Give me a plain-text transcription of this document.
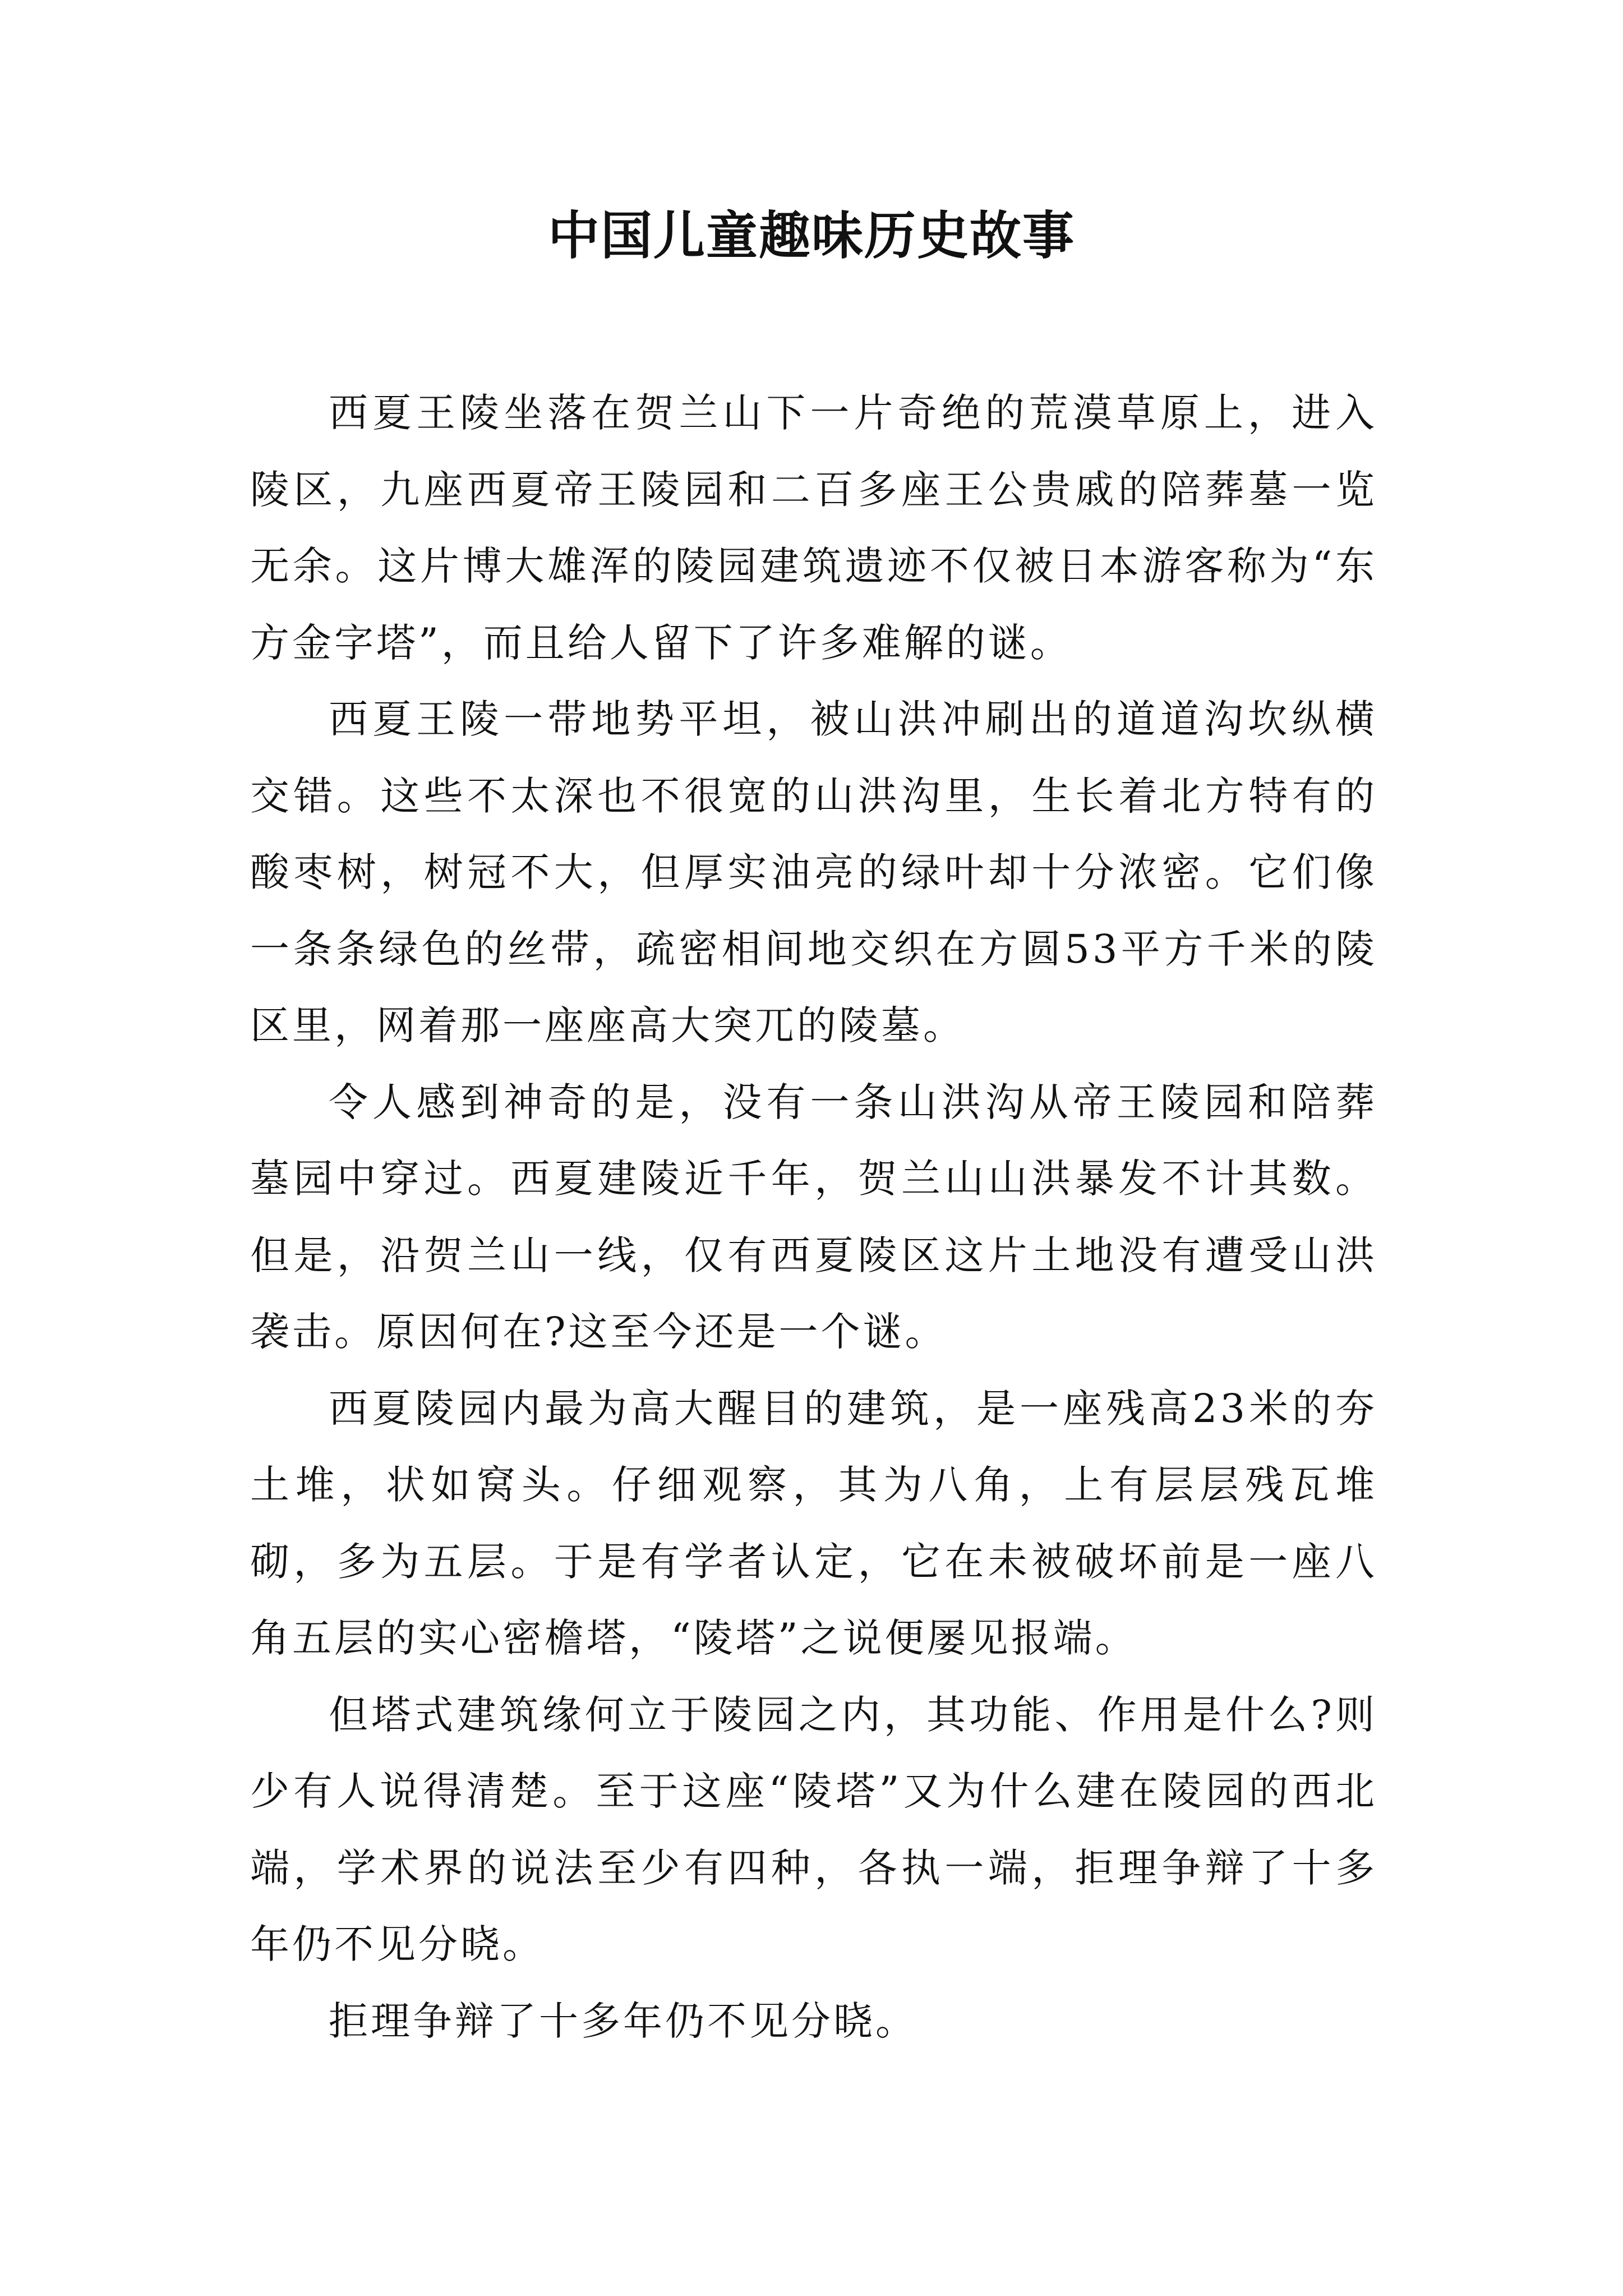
中国儿童趣味历史故事

西夏王陵坐落在贺兰山下一片奇绝的荒漠草原上，进入陵区，九座西夏帝王陵园和二百多座王公贵戚的陪葬墓一览无余。这片博大雄浑的陵园建筑遗迹不仅被日本游客称为“东方金字塔”，而且给人留下了许多难解的谜。

西夏王陵一带地势平坦，被山洪冲刷出的道道沟坎纵横交错。这些不太深也不很宽的山洪沟里，生长着北方特有的酸枣树，树冠不大，但厚实油亮的绿叶却十分浓密。它们像一条条绿色的丝带，疏密相间地交织在方圆53平方千米的陵区里，网着那一座座高大突兀的陵墓。

令人感到神奇的是，没有一条山洪沟从帝王陵园和陪葬墓园中穿过。西夏建陵近千年，贺兰山山洪暴发不计其数。但是，沿贺兰山一线，仅有西夏陵区这片土地没有遭受山洪袭击。原因何在?这至今还是一个谜。

西夏陵园内最为高大醒目的建筑，是一座残高23米的夯土堆，状如窝头。仔细观察，其为八角，上有层层残瓦堆砌，多为五层。于是有学者认定，它在未被破坏前是一座八角五层的实心密檐塔，“陵塔”之说便屡见报端。

但塔式建筑缘何立于陵园之内，其功能、作用是什么?则少有人说得清楚。至于这座“陵塔”又为什么建在陵园的西北端，学术界的说法至少有四种，各执一端，拒理争辩了十多年仍不见分晓。

拒理争辩了十多年仍不见分晓。
